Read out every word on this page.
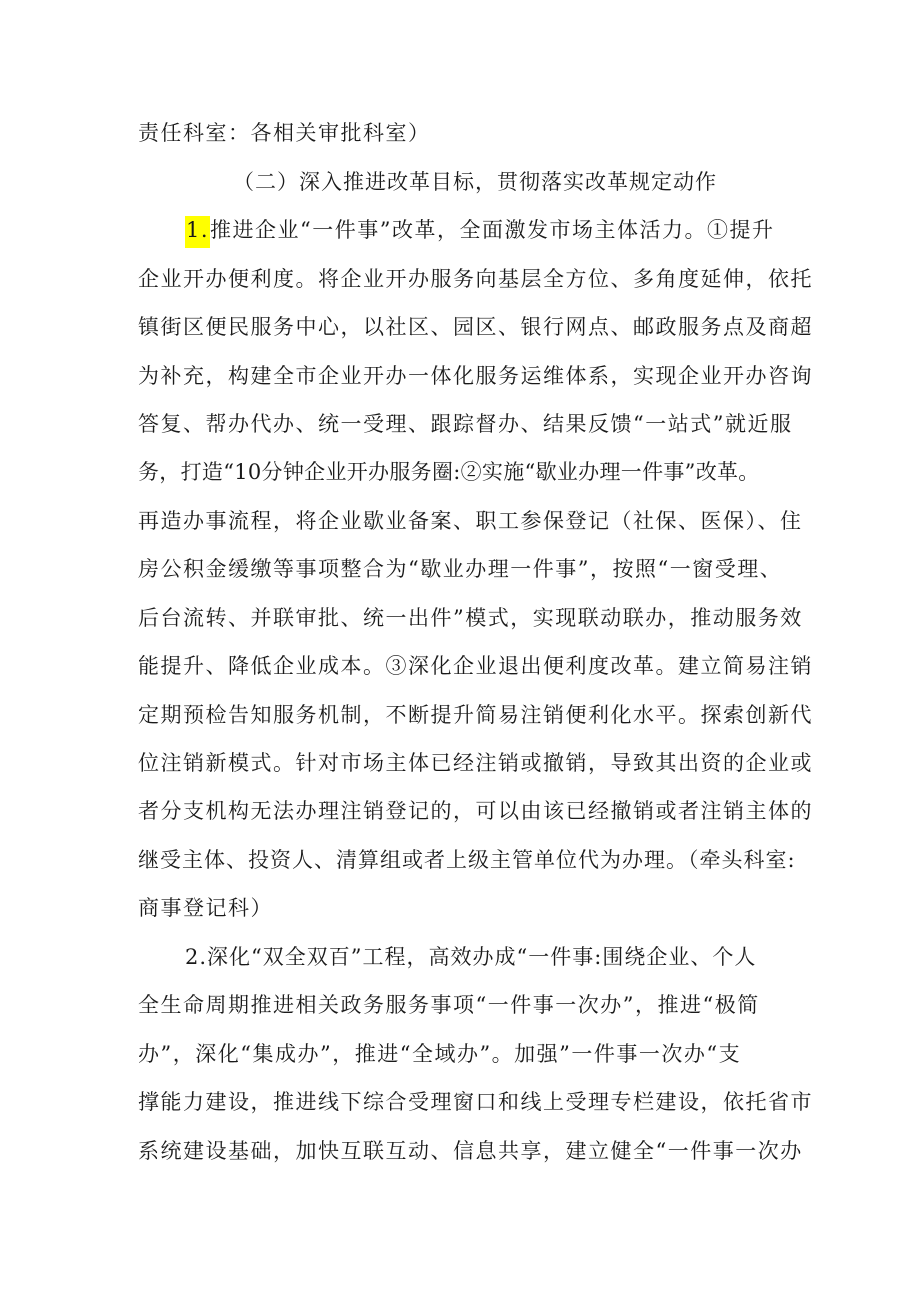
责任科室：各相关审批科室）
（二）深入推进改革目标，贯彻落实改革规定动作
1.推进企业“一件事”改革，全面激发市场主体活力。①提升
企业开办便利度。将企业开办服务向基层全方位、多角度延伸，依托
镇街区便民服务中心，以社区、园区、银行网点、邮政服务点及商超
为补充，构建全市企业开办一体化服务运维体系，实现企业开办咨询
答复、帮办代办、统一受理、跟踪督办、结果反馈“一站式”就近服
务，打造“10分钟企业开办服务圈:②实施“歇业办理一件事”改革。
再造办事流程，将企业歇业备案、职工参保登记（社保、医保）、住
房公积金缓缴等事项整合为“歇业办理一件事”，按照“一窗受理、
后台流转、并联审批、统一出件”模式，实现联动联办，推动服务效
能提升、降低企业成本。③深化企业退出便利度改革。建立简易注销
定期预检告知服务机制，不断提升简易注销便利化水平。探索创新代
位注销新模式。针对市场主体已经注销或撤销，导致其出资的企业或
者分支机构无法办理注销登记的，可以由该已经撤销或者注销主体的
继受主体、投资人、清算组或者上级主管单位代为办理。（牵头科室:
商事登记科）
2.深化“双全双百”工程，高效办成“一件事:围绕企业、个人
全生命周期推进相关政务服务事项“一件事一次办”，推进“极简
办”，深化“集成办”，推进“全域办”。加强”一件事一次办“支
撑能力建设，推进线下综合受理窗口和线上受理专栏建设，依托省市
系统建设基础，加快互联互动、信息共享，建立健全“一件事一次办
